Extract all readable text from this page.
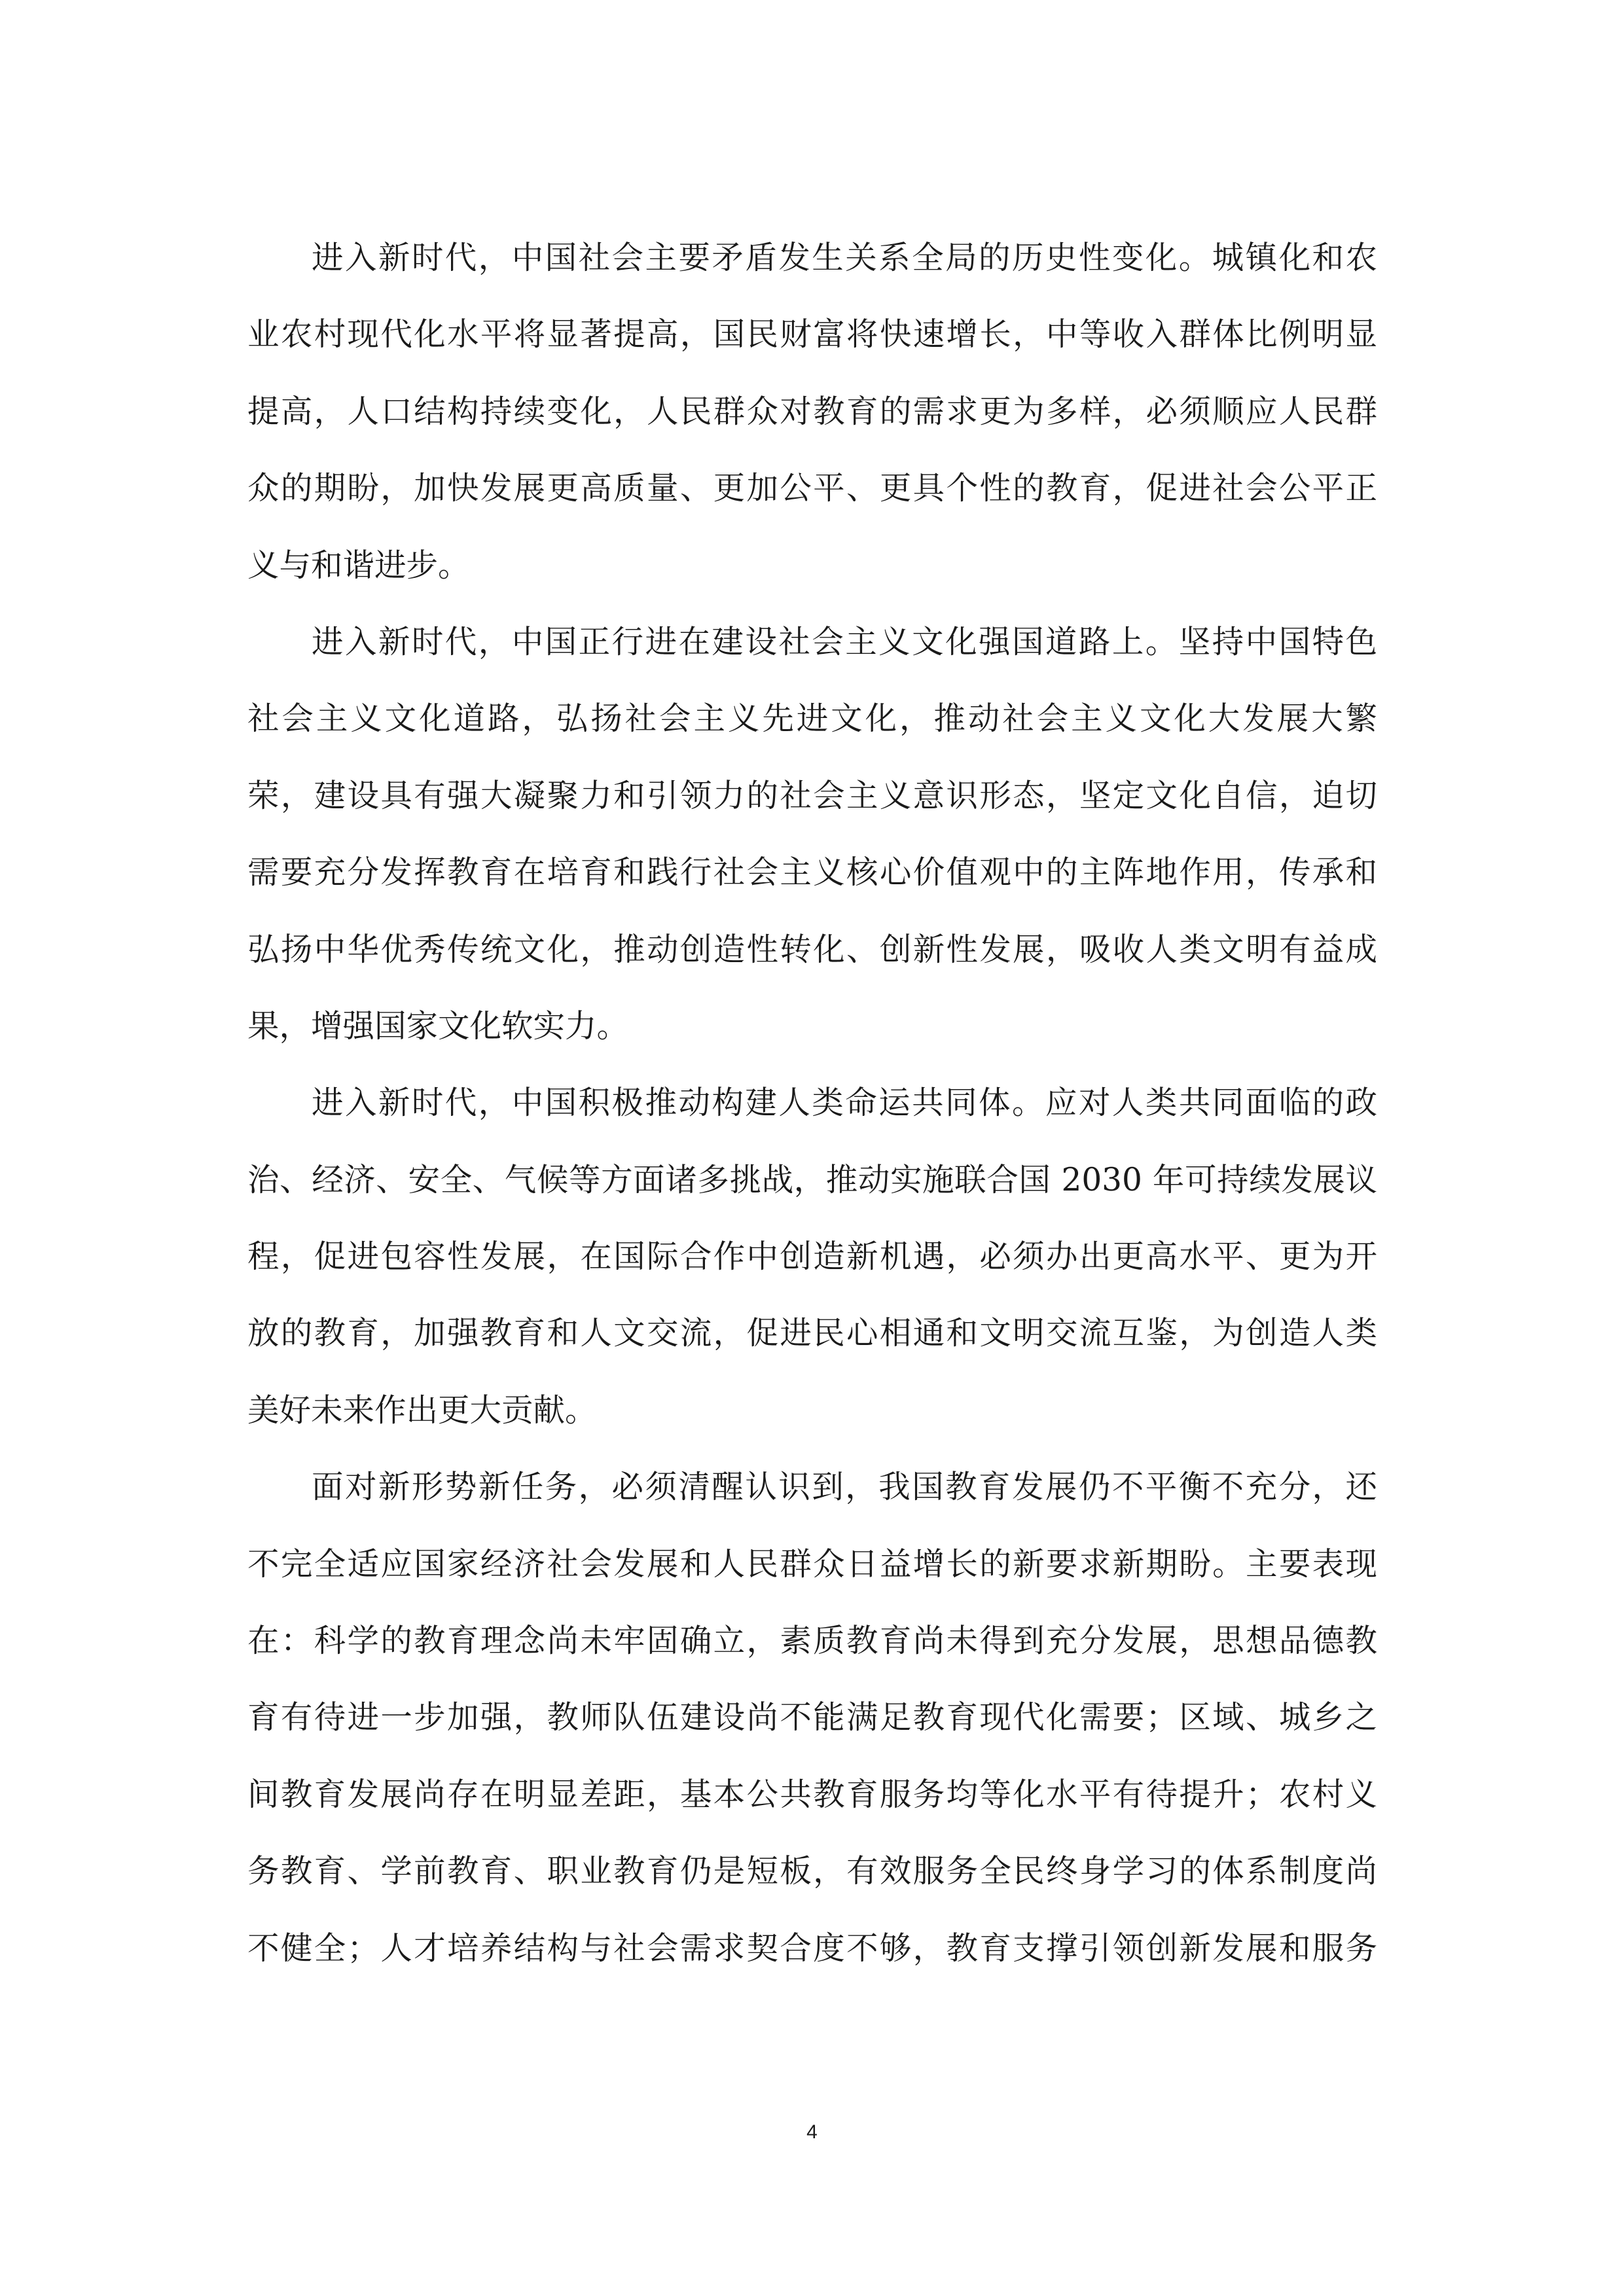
进入新时代，中国社会主要矛盾发生关系全局的历史性变化。城镇化和农
业农村现代化水平将显著提高，国民财富将快速增长，中等收入群体比例明显
提高，人口结构持续变化，人民群众对教育的需求更为多样，必须顺应人民群
众的期盼，加快发展更高质量、更加公平、更具个性的教育，促进社会公平正
义与和谐进步。
进入新时代，中国正行进在建设社会主义文化强国道路上。坚持中国特色
社会主义文化道路，弘扬社会主义先进文化，推动社会主义文化大发展大繁
荣，建设具有强大凝聚力和引领力的社会主义意识形态，坚定文化自信，迫切
需要充分发挥教育在培育和践行社会主义核心价值观中的主阵地作用，传承和
弘扬中华优秀传统文化，推动创造性转化、创新性发展，吸收人类文明有益成
果，增强国家文化软实力。
进入新时代，中国积极推动构建人类命运共同体。应对人类共同面临的政
治、经济、安全、气候等方面诸多挑战，推动实施联合国 2030 年可持续发展议
程，促进包容性发展，在国际合作中创造新机遇，必须办出更高水平、更为开
放的教育，加强教育和人文交流，促进民心相通和文明交流互鉴，为创造人类
美好未来作出更大贡献。
面对新形势新任务，必须清醒认识到，我国教育发展仍不平衡不充分，还
不完全适应国家经济社会发展和人民群众日益增长的新要求新期盼。主要表现
在：科学的教育理念尚未牢固确立，素质教育尚未得到充分发展，思想品德教
育有待进一步加强，教师队伍建设尚不能满足教育现代化需要；区域、城乡之
间教育发展尚存在明显差距，基本公共教育服务均等化水平有待提升；农村义
务教育、学前教育、职业教育仍是短板，有效服务全民终身学习的体系制度尚
不健全；人才培养结构与社会需求契合度不够，教育支撑引领创新发展和服务
4
